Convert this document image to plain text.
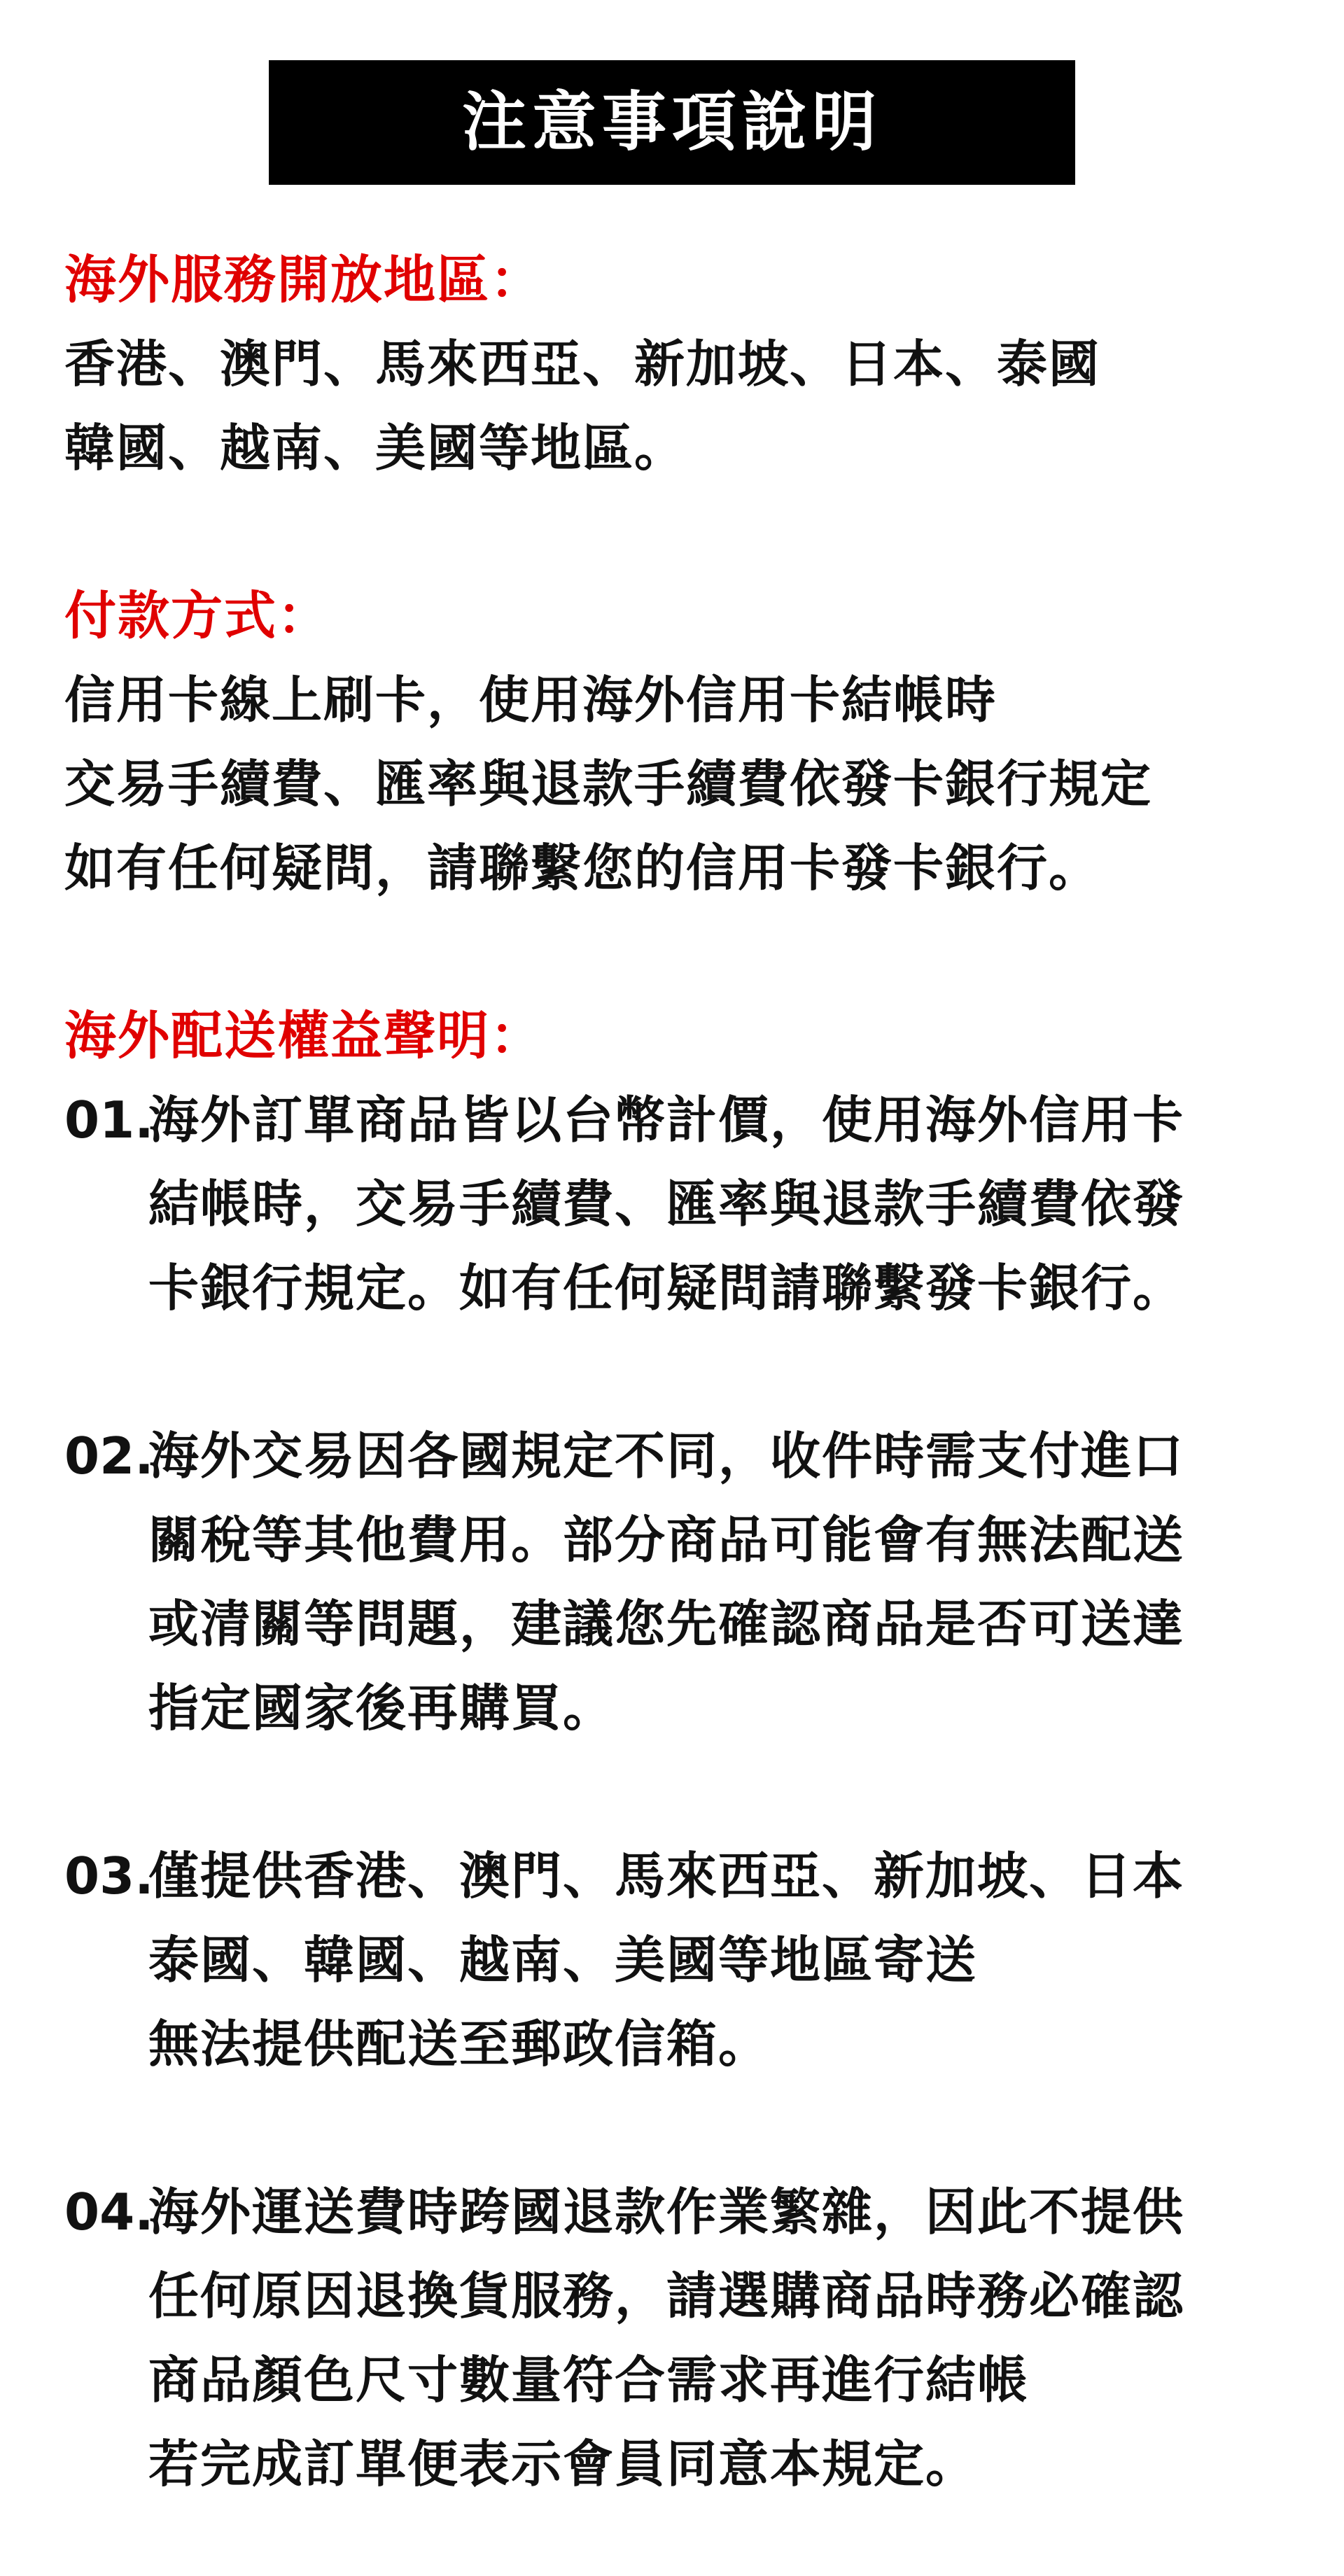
注意事項說明
海外服務開放地區：
香港、澳門、馬來西亞、新加坡、日本、泰國
韓國、越南、美國等地區。
付款方式：
信用卡線上刷卡，使用海外信用卡結帳時
交易手續費、匯率與退款手續費依發卡銀行規定
如有任何疑問，請聯繫您的信用卡發卡銀行。
海外配送權益聲明：
01.
海外訂單商品皆以台幣計價，使用海外信用卡
結帳時，交易手續費、匯率與退款手續費依發
卡銀行規定。如有任何疑問請聯繫發卡銀行。
02.
海外交易因各國規定不同，收件時需支付進口
關稅等其他費用。部分商品可能會有無法配送
或清關等問題，建議您先確認商品是否可送達
指定國家後再購買。
03.
僅提供香港、澳門、馬來西亞、新加坡、日本
泰國、韓國、越南、美國等地區寄送
無法提供配送至郵政信箱。
04.
海外運送費時跨國退款作業繁雜，因此不提供
任何原因退換貨服務，請選購商品時務必確認
商品顏色尺寸數量符合需求再進行結帳
若完成訂單便表示會員同意本規定。
